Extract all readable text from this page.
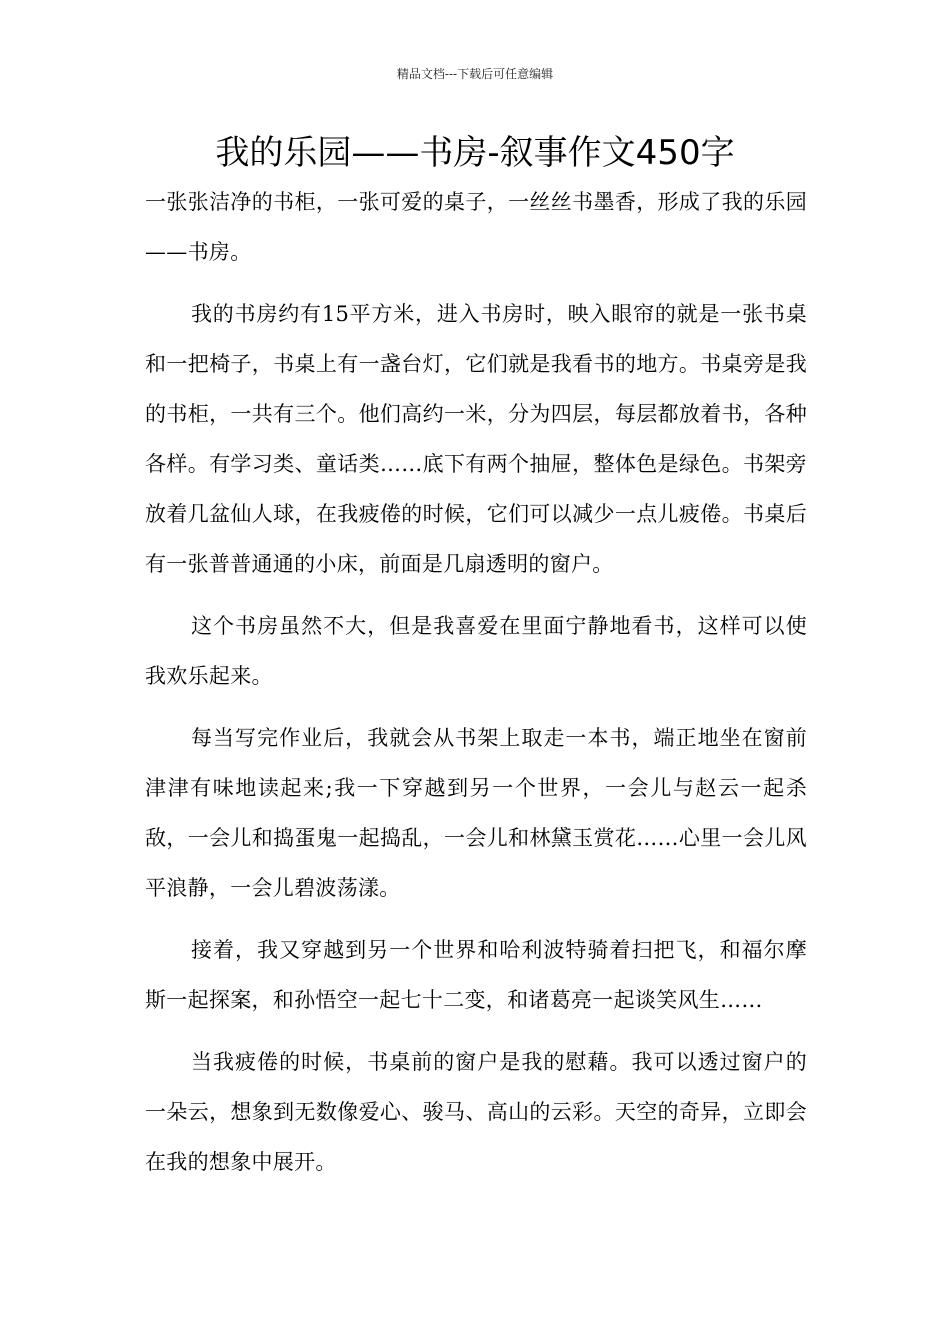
精品文档---下载后可任意编辑
我的乐园——书房-叙事作文450字

一张张洁净的书柜，一张可爱的桌子，一丝丝书墨香，形成了我的乐园——书房。

我的书房约有15平方米，进入书房时，映入眼帘的就是一张书桌和一把椅子，书桌上有一盏台灯，它们就是我看书的地方。书桌旁是我的书柜，一共有三个。他们高约一米，分为四层，每层都放着书，各种各样。有学习类、童话类……底下有两个抽屉，整体色是绿色。书架旁放着几盆仙人球，在我疲倦的时候，它们可以减少一点儿疲倦。书桌后有一张普普通通的小床，前面是几扇透明的窗户。

这个书房虽然不大，但是我喜爱在里面宁静地看书，这样可以使我欢乐起来。

每当写完作业后，我就会从书架上取走一本书，端正地坐在窗前津津有味地读起来;我一下穿越到另一个世界，一会儿与赵云一起杀敌，一会儿和捣蛋鬼一起捣乱，一会儿和林黛玉赏花……心里一会儿风平浪静，一会儿碧波荡漾。

接着，我又穿越到另一个世界和哈利波特骑着扫把飞，和福尔摩斯一起探案，和孙悟空一起七十二变，和诸葛亮一起谈笑风生……

当我疲倦的时候，书桌前的窗户是我的慰藉。我可以透过窗户的一朵云，想象到无数像爱心、骏马、高山的云彩。天空的奇异，立即会在我的想象中展开。
